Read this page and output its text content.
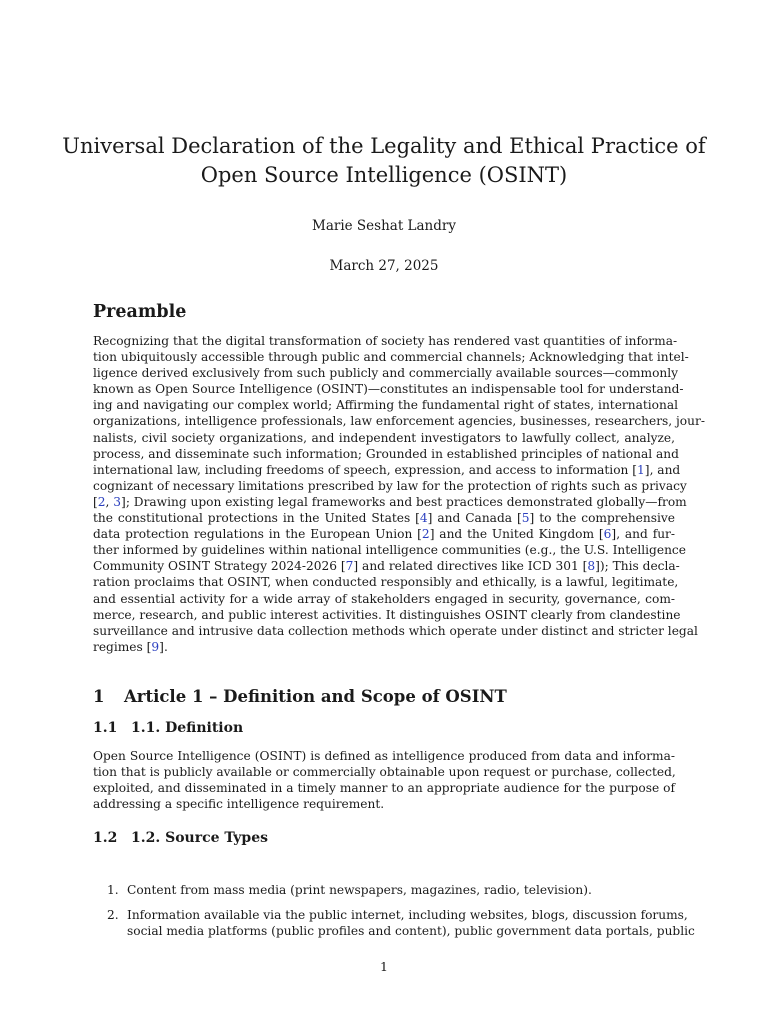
Universal Declaration of the Legality and Ethical Practice of
Open Source Intelligence (OSINT)
Marie Seshat Landry
March 27, 2025
Preamble

Recognizing that the digital transformation of society has rendered vast quantities of informa-
tion ubiquitously accessible through public and commercial channels; Acknowledging that intel-
ligence derived exclusively from such publicly and commercially available sources—commonly
known as Open Source Intelligence (OSINT)—constitutes an indispensable tool for understand-
ing and navigating our complex world; Affirming the fundamental right of states, international
organizations, intelligence professionals, law enforcement agencies, businesses, researchers, jour-
nalists, civil society organizations, and independent investigators to lawfully collect, analyze,
process, and disseminate such information; Grounded in established principles of national and
international law, including freedoms of speech, expression, and access to information [1], and
cognizant of necessary limitations prescribed by law for the protection of rights such as privacy
[2, 3]; Drawing upon existing legal frameworks and best practices demonstrated globally—from
the constitutional protections in the United States [4] and Canada [5] to the comprehensive
data protection regulations in the European Union [2] and the United Kingdom [6], and fur-
ther informed by guidelines within national intelligence communities (e.g., the U.S. Intelligence
Community OSINT Strategy 2024-2026 [7] and related directives like ICD 301 [8]); This decla-
ration proclaims that OSINT, when conducted responsibly and ethically, is a lawful, legitimate,
and essential activity for a wide array of stakeholders engaged in security, governance, com-
merce, research, and public interest activities. It distinguishes OSINT clearly from clandestine
surveillance and intrusive data collection methods which operate under distinct and stricter legal
regimes [9].

1 Article 1 – Definition and Scope of OSINT
1.1 1.1. Definition

Open Source Intelligence (OSINT) is defined as intelligence produced from data and informa-
tion that is publicly available or commercially obtainable upon request or purchase, collected,
exploited, and disseminated in a timely manner to an appropriate audience for the purpose of
addressing a specific intelligence requirement.

1.2 1.2. Source Types

1. Content from mass media (print newspapers, magazines, radio, television).
2. Information available via the public internet, including websites, blogs, discussion forums,
social media platforms (public profiles and content), public government data portals, public
1
